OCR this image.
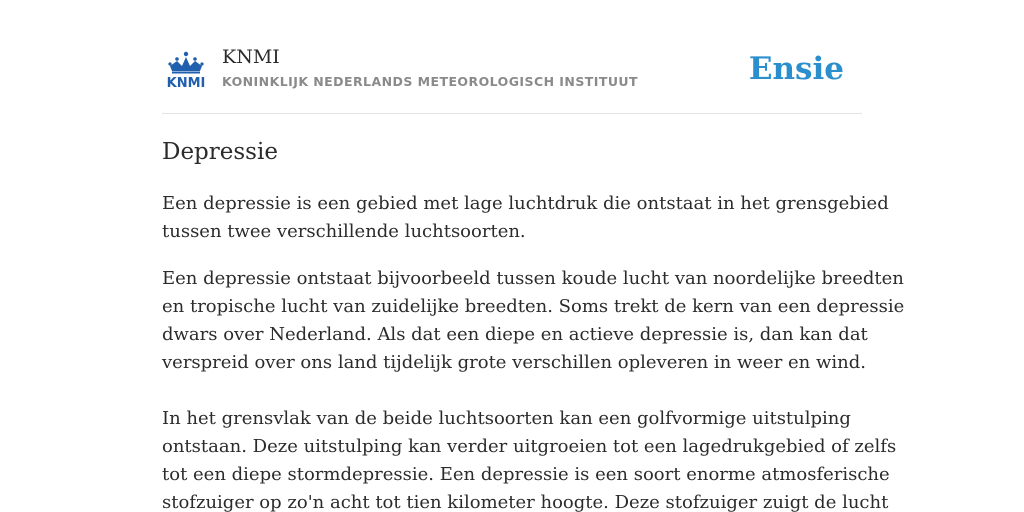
KNMI
KNMI
KONINKLIJK NEDERLANDS METEOROLOGISCH INSTITUUT	Ensie
Depressie
Een depressie is een gebied met lage luchtdruk die ontstaat in het grensgebied
tussen twee verschillende luchtsoorten.
Een depressie ontstaat bijvoorbeeld tussen koude lucht van noordelijke breedten
en tropische lucht van zuidelijke breedten. Soms trekt de kern van een depressie
dwars over Nederland. Als dat een diepe en actieve depressie is, dan kan dat
verspreid over ons land tijdelijk grote verschillen opleveren in weer en wind.
In het grensvlak van de beide luchtsoorten kan een golfvormige uitstulping
ontstaan. Deze uitstulping kan verder uitgroeien tot een lagedrukgebied of zelfs
tot een diepe stormdepressie. Een depressie is een soort enorme atmosferische
stofzuiger op zo'n acht tot tien kilometer hoogte. Deze stofzuiger zuigt de lucht
